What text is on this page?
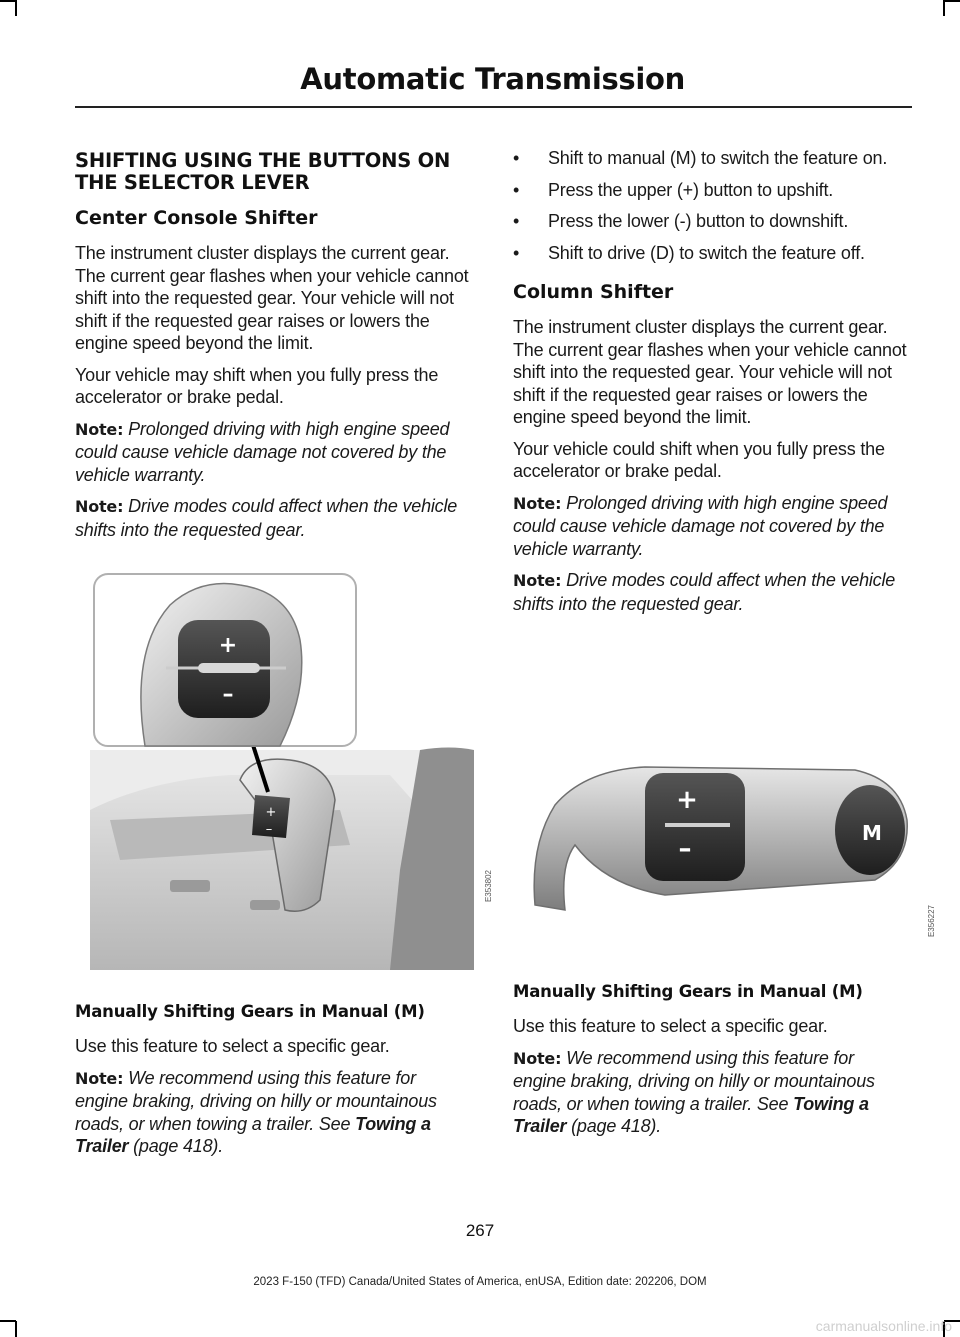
Automatic Transmission
SHIFTING USING THE BUTTONS ON THE SELECTOR LEVER
Center Console Shifter

The instrument cluster displays the current gear. The current gear flashes when your vehicle cannot shift into the requested gear. Your vehicle will not shift if the requested gear raises or lowers the engine speed beyond the limit.

Your vehicle may shift when you fully press the accelerator or brake pedal.

Note: Prolonged driving with high engine speed could cause vehicle damage not covered by the vehicle warranty.

Note: Drive modes could affect when the vehicle shifts into the requested gear.

+
–
+
–
E353802
Manually Shifting Gears in Manual (M)

Use this feature to select a specific gear.

Note: We recommend using this feature for engine braking, driving on hilly or mountainous roads, or when towing a trailer. See Towing a Trailer (page 418).

• Shift to manual (M) to switch the feature on.
• Press the upper (+) button to upshift.
• Press the lower (-) button to downshift.
• Shift to drive (D) to switch the feature off.
Column Shifter

The instrument cluster displays the current gear. The current gear flashes when your vehicle cannot shift into the requested gear. Your vehicle will not shift if the requested gear raises or lowers the engine speed beyond the limit.

Your vehicle could shift when you fully press the accelerator or brake pedal.

Note: Prolonged driving with high engine speed could cause vehicle damage not covered by the vehicle warranty.

Note: Drive modes could affect when the vehicle shifts into the requested gear.

+
–
M
E356227
Manually Shifting Gears in Manual (M)

Use this feature to select a specific gear.

Note: We recommend using this feature for engine braking, driving on hilly or mountainous roads, or when towing a trailer. See Towing a Trailer (page 418).

267
2023 F-150 (TFD) Canada/United States of America, enUSA, Edition date: 202206, DOM
carmanualsonline.info
